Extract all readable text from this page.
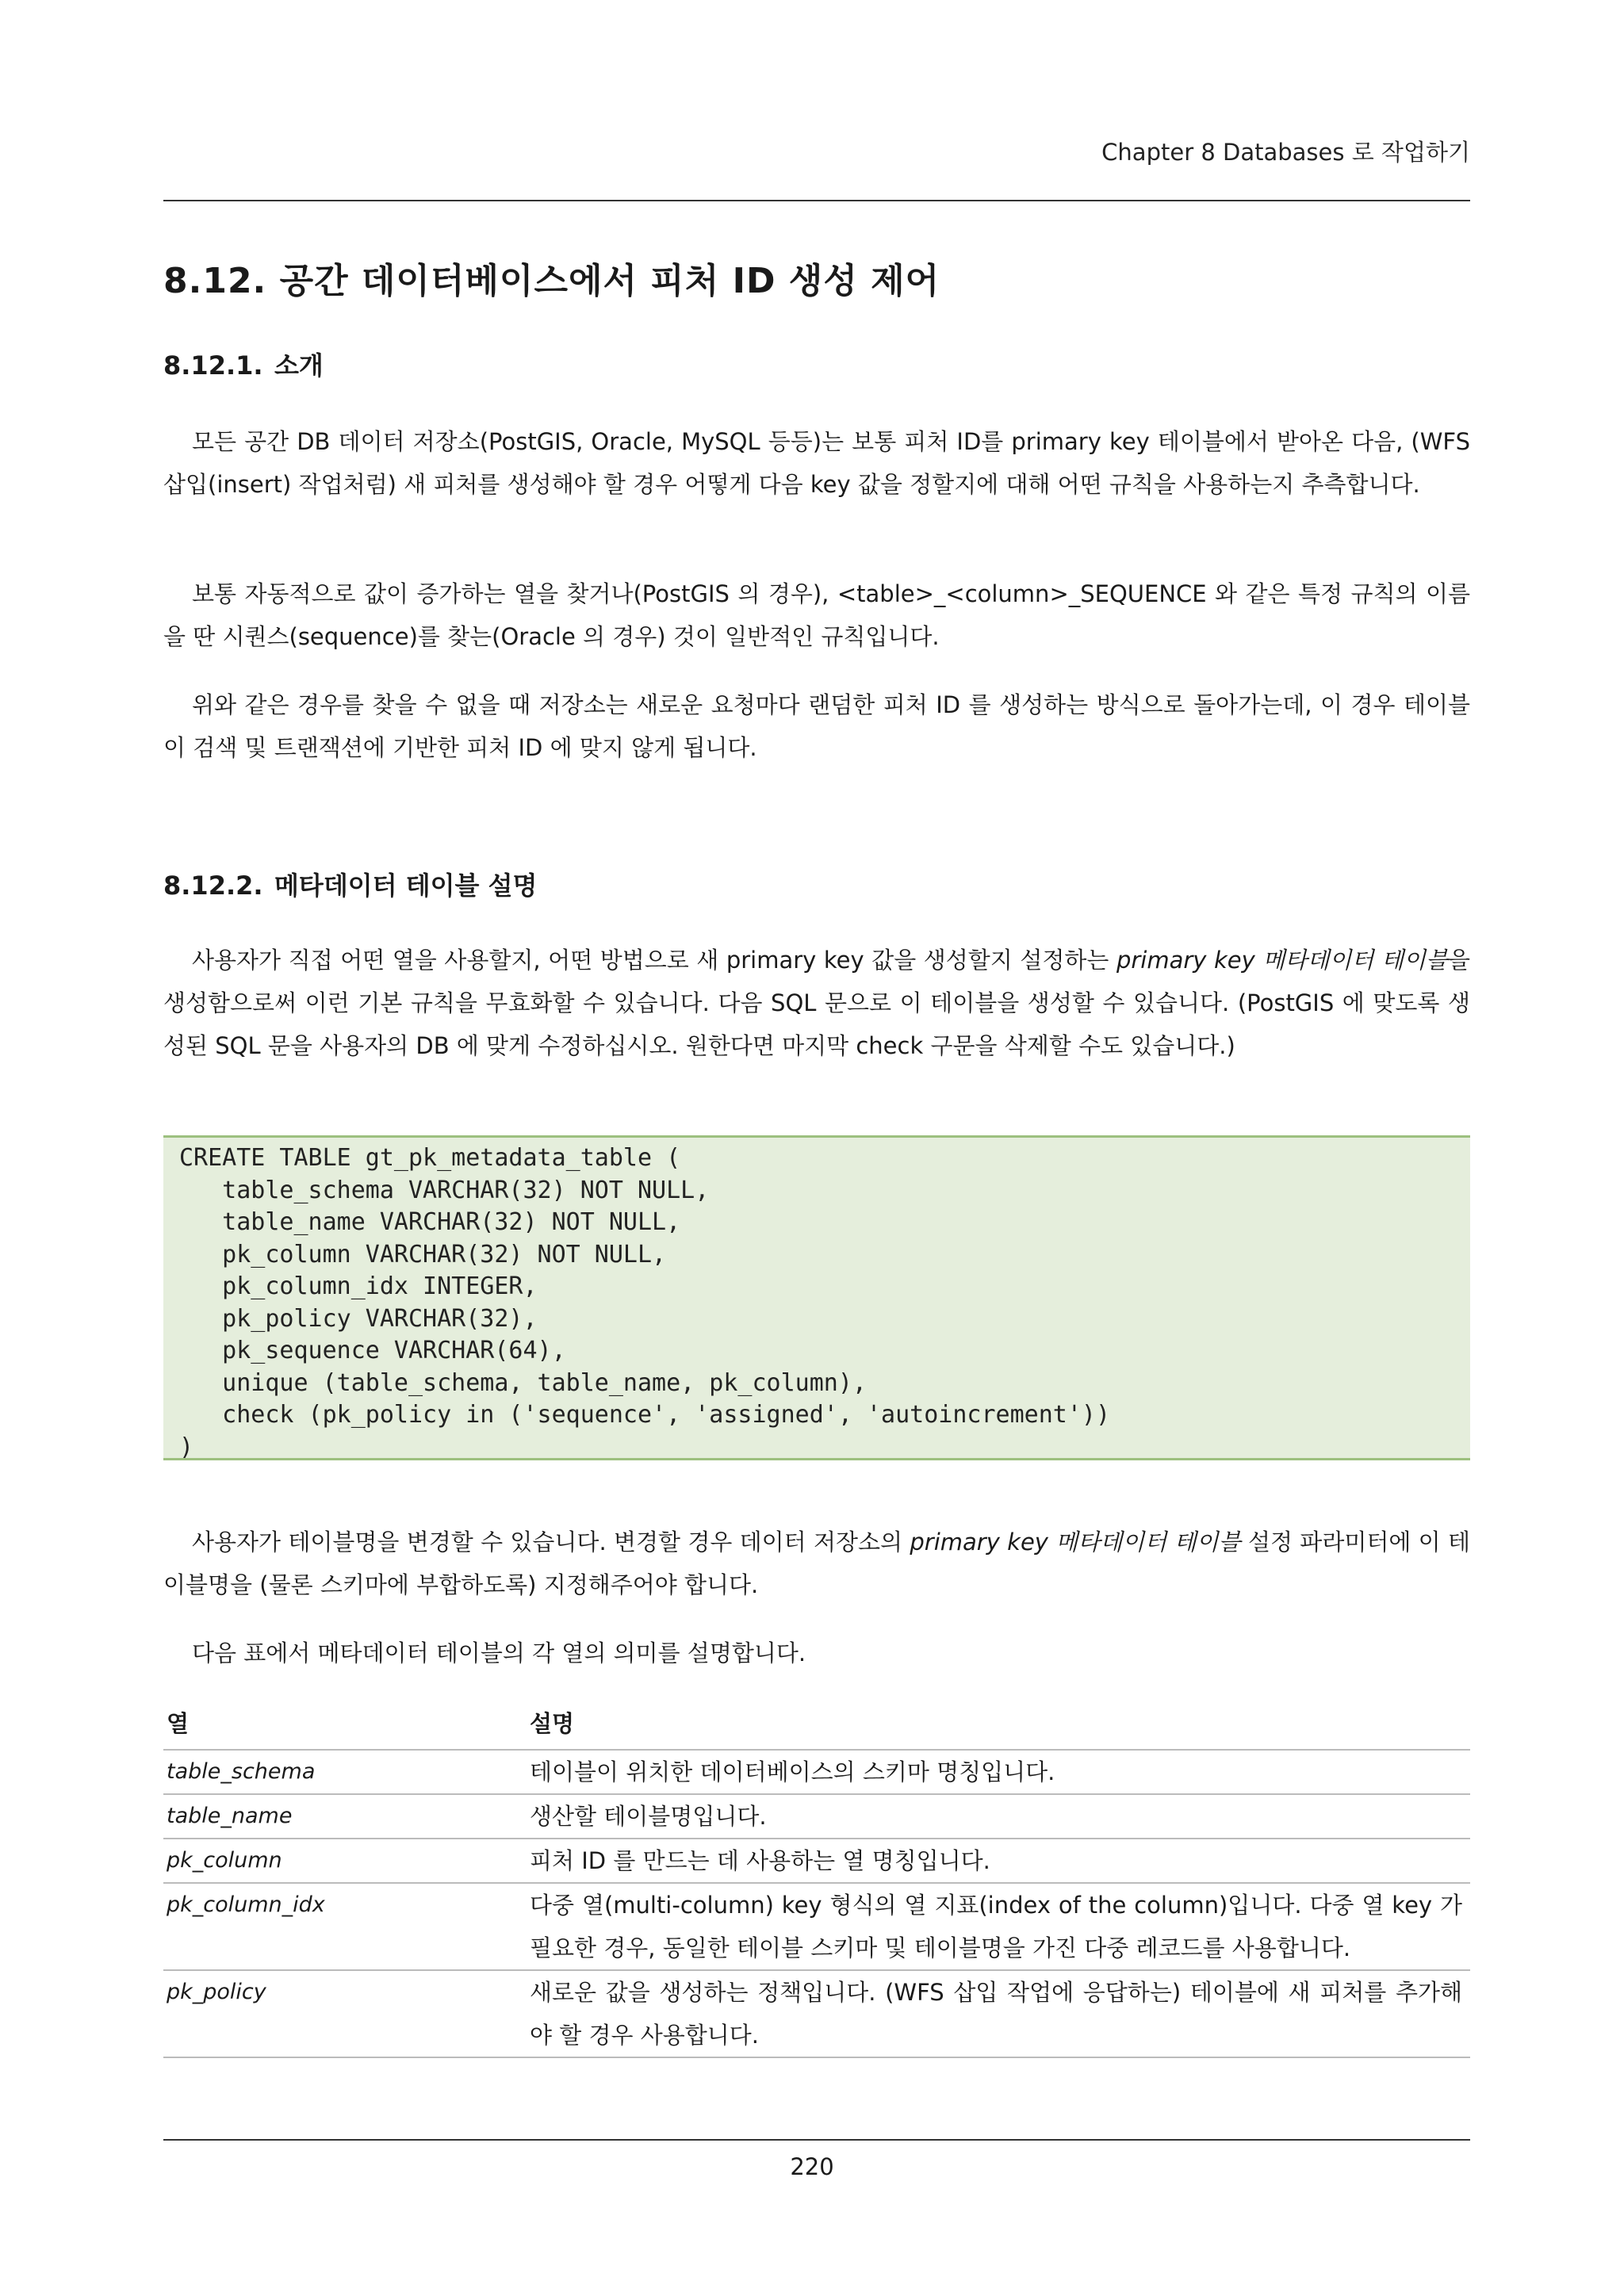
Chapter 8 Databases 로 작업하기
8.12. 공간 데이터베이스에서 피처 ID 생성 제어
8.12.1. 소개

모든 공간 DB 데이터 저장소(PostGIS, Oracle, MySQL 등등)는 보통 피처 ID를 primary key 테이블에서 받아온 다음, (WFS 삽입(insert) 작업처럼) 새 피처를 생성해야 할 경우 어떻게 다음 key 값을 정할지에 대해 어떤 규칙을 사용하는지 추측합니다.

보통 자동적으로 값이 증가하는 열을 찾거나(PostGIS 의 경우), <table>_<column>_SEQUENCE 와 같은 특정 규칙의 이름을 딴 시퀀스(sequence)를 찾는(Oracle 의 경우) 것이 일반적인 규칙입니다.

위와 같은 경우를 찾을 수 없을 때 저장소는 새로운 요청마다 랜덤한 피처 ID 를 생성하는 방식으로 돌아가는데, 이 경우 테이블이 검색 및 트랜잭션에 기반한 피처 ID 에 맞지 않게 됩니다.

8.12.2. 메타데이터 테이블 설명

사용자가 직접 어떤 열을 사용할지, 어떤 방법으로 새 primary key 값을 생성할지 설정하는 primary key 메타데이터 테이블을 생성함으로써 이런 기본 규칙을 무효화할 수 있습니다. 다음 SQL 문으로 이 테이블을 생성할 수 있습니다. (PostGIS 에 맞도록 생성된 SQL 문을 사용자의 DB 에 맞게 수정하십시오. 원한다면 마지막 check 구문을 삭제할 수도 있습니다.)

CREATE TABLE gt_pk_metadata_table (
table_schema VARCHAR(32) NOT NULL,
table_name VARCHAR(32) NOT NULL,
pk_column VARCHAR(32) NOT NULL,
pk_column_idx INTEGER,
pk_policy VARCHAR(32),
pk_sequence VARCHAR(64),
unique (table_schema, table_name, pk_column),
check (pk_policy in ('sequence', 'assigned', 'autoincrement'))
)

사용자가 테이블명을 변경할 수 있습니다. 변경할 경우 데이터 저장소의 primary key 메타데이터 테이블 설정 파라미터에 이 테이블명을 (물론 스키마에 부합하도록) 지정해주어야 합니다.

다음 표에서 메타데이터 테이블의 각 열의 의미를 설명합니다.

열	설명
table_schema	테이블이 위치한 데이터베이스의 스키마 명칭입니다.
table_name	생산할 테이블명입니다.
pk_column	피처 ID 를 만드는 데 사용하는 열 명칭입니다.
pk_column_idx	다중 열(multi-column) key 형식의 열 지표(index of the column)입니다. 다중 열 key 가 필요한 경우, 동일한 테이블 스키마 및 테이블명을 가진 다중 레코드를 사용합니다.
pk_policy	새로운 값을 생성하는 정책입니다. (WFS 삽입 작업에 응답하는) 테이블에 새 피처를 추가해야 할 경우 사용합니다.
220
